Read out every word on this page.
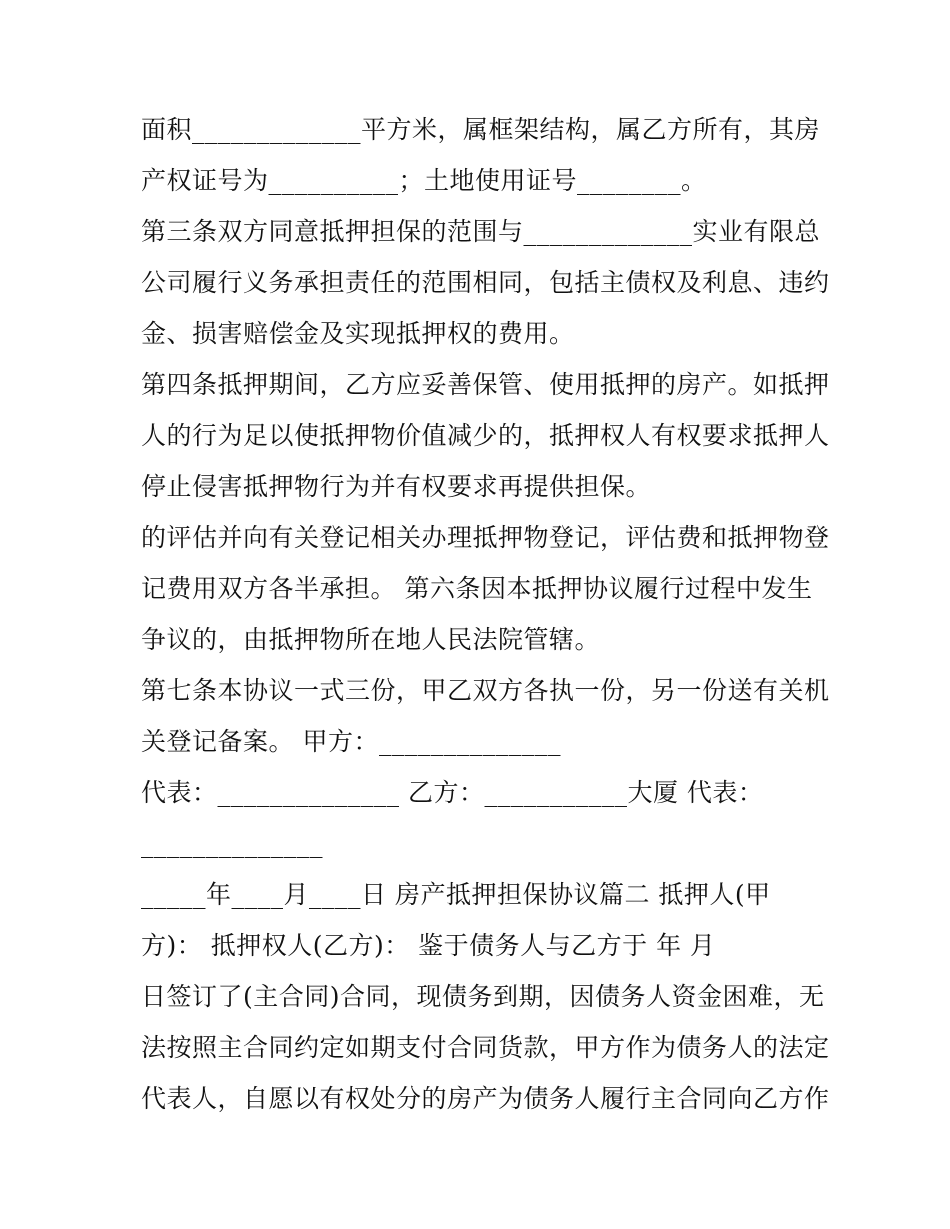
面积_____________平方米，属框架结构，属乙方所有，其房
产权证号为__________；土地使用证号________。
第三条双方同意抵押担保的范围与_____________实业有限总
公司履行义务承担责任的范围相同，包括主债权及利息、违约
金、损害赔偿金及实现抵押权的费用。
第四条抵押期间，乙方应妥善保管、使用抵押的房产。如抵押
人的行为足以使抵押物价值减少的，抵押权人有权要求抵押人
停止侵害抵押物行为并有权要求再提供担保。
的评估并向有关登记相关办理抵押物登记，评估费和抵押物登
记费用双方各半承担。 第六条因本抵押协议履行过程中发生
争议的，由抵押物所在地人民法院管辖。
第七条本协议一式三份，甲乙双方各执一份，另一份送有关机
关登记备案。 甲方：______________
代表：______________ 乙方：___________大厦 代表：
______________
_____年____月____日 房产抵押担保协议篇二 抵押人(甲
方)： 抵押权人(乙方)： 鉴于债务人与乙方于 年 月
日签订了(主合同)合同，现债务到期，因债务人资金困难，无
法按照主合同约定如期支付合同货款，甲方作为债务人的法定
代表人，自愿以有权处分的房产为债务人履行主合同向乙方作
